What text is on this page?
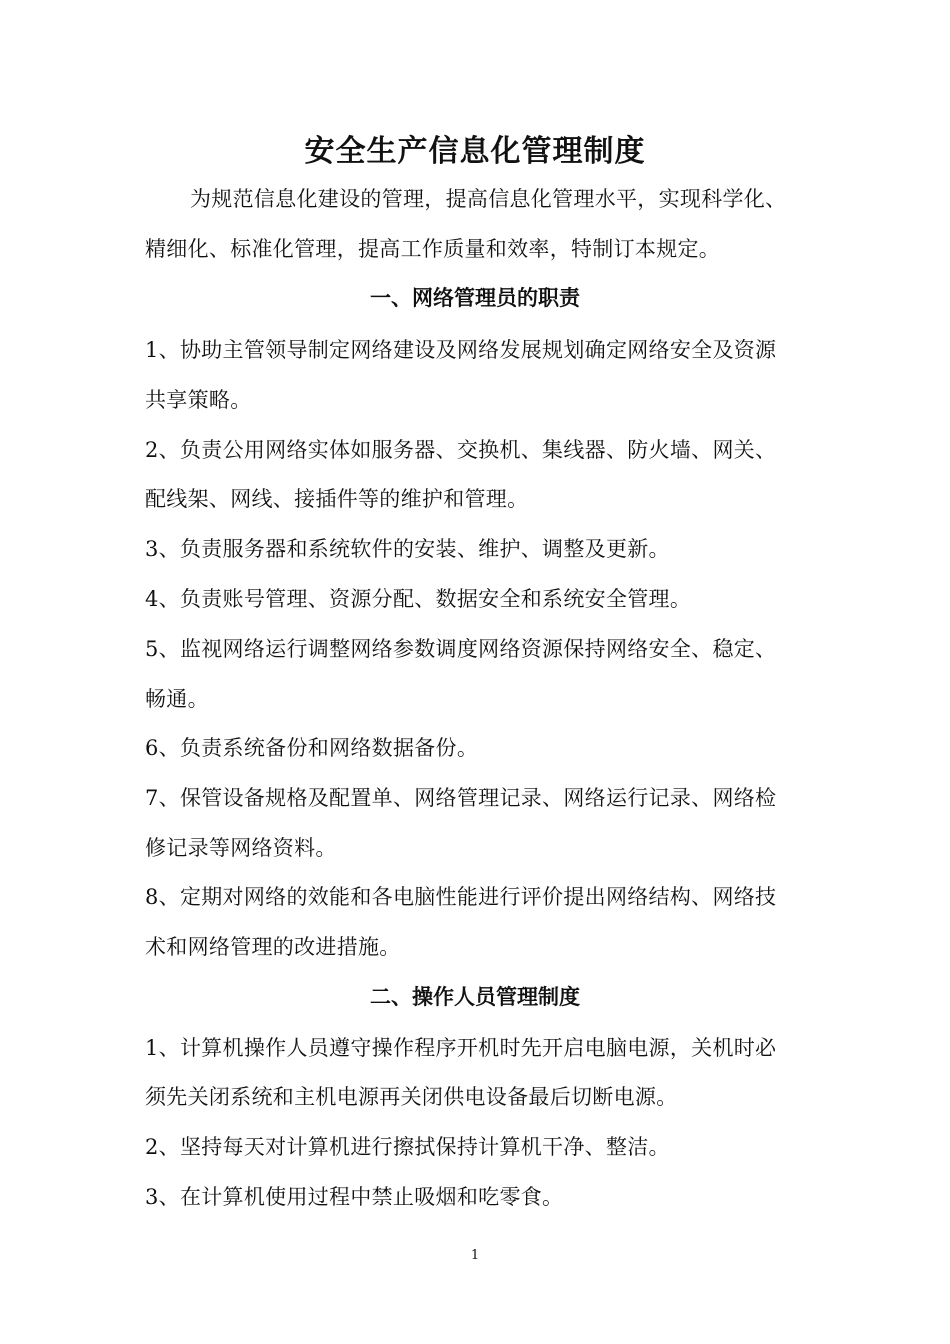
安全生产信息化管理制度
为规范信息化建设的管理，提高信息化管理水平，实现科学化、
精细化、标准化管理，提高工作质量和效率，特制订本规定。
一、网络管理员的职责
1、协助主管领导制定网络建设及网络发展规划确定网络安全及资源
共享策略。
2、负责公用网络实体如服务器、交换机、集线器、防火墙、网关、
配线架、网线、接插件等的维护和管理。
3、负责服务器和系统软件的安装、维护、调整及更新。
4、负责账号管理、资源分配、数据安全和系统安全管理。
5、监视网络运行调整网络参数调度网络资源保持网络安全、稳定、
畅通。
6、负责系统备份和网络数据备份。
7、保管设备规格及配置单、网络管理记录、网络运行记录、网络检
修记录等网络资料。
8、定期对网络的效能和各电脑性能进行评价提出网络结构、网络技
术和网络管理的改进措施。
二、操作人员管理制度
1、计算机操作人员遵守操作程序开机时先开启电脑电源，关机时必
须先关闭系统和主机电源再关闭供电设备最后切断电源。
2、坚持每天对计算机进行擦拭保持计算机干净、整洁。
3、在计算机使用过程中禁止吸烟和吃零食。
1
